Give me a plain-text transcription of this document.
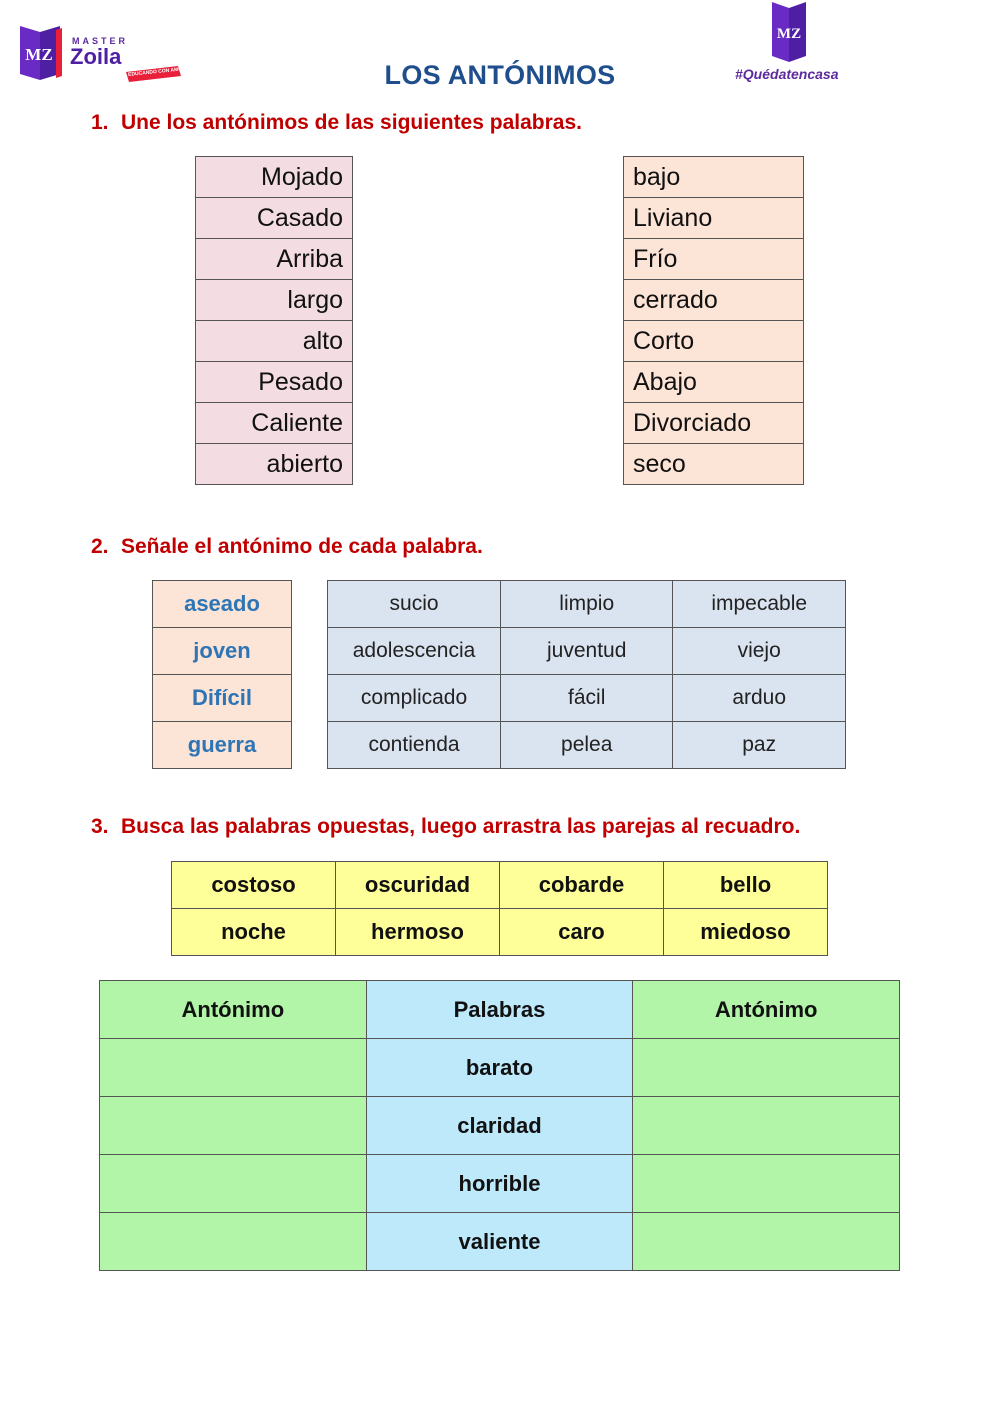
MZ
MASTER
Zoila
EDUCANDO CON AMOR
MZ
#Quédatencasa
LOS ANTÓNIMOS
1. Une los antónimos de las siguientes palabras.
Mojado
Casado
Arriba
largo
alto
Pesado
Caliente
abierto
bajo
Liviano
Frío
cerrado
Corto
Abajo
Divorciado
seco
2. Señale el antónimo de cada palabra.
aseado
joven
Difícil
guerra
sucio	limpio	impecable
adolescencia	juventud	viejo
complicado	fácil	arduo
contienda	pelea	paz
3. Busca las palabras opuestas, luego arrastra las parejas al recuadro.
costoso	oscuridad	cobarde	bello
noche	hermoso	caro	miedoso
Antónimo	Palabras	Antónimo
	barato	
	claridad	
	horrible	
	valiente	
